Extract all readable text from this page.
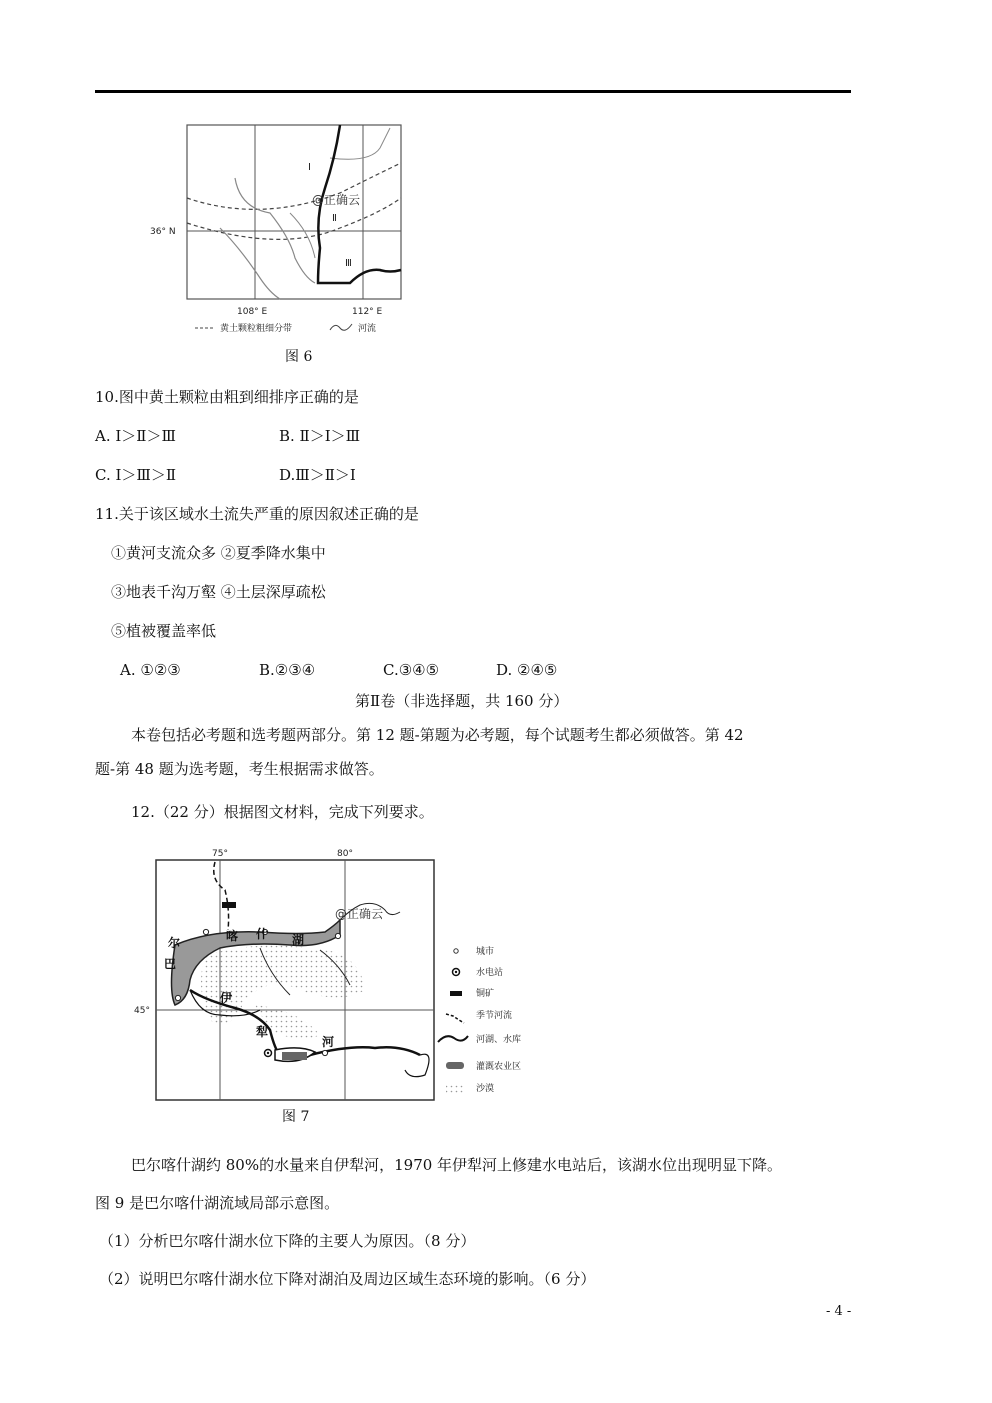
Ⅰ
Ⅱ
Ⅲ
@正确云
36° N
108° E	112° E
黄土颗粒粗细分带	河流
图 6
10.图中黄土颗粒由粗到细排序正确的是
A. Ⅰ＞Ⅱ＞Ⅲ	B. Ⅱ＞Ⅰ＞Ⅲ
C. Ⅰ＞Ⅲ＞Ⅱ	D.Ⅲ＞Ⅱ＞Ⅰ
11.关于该区域水土流失严重的原因叙述正确的是
①黄河支流众多 ②夏季降水集中
③地表千沟万壑 ④土层深厚疏松
⑤植被覆盖率低
A. ①②③	B.②③④	C.③④⑤	D. ②④⑤
第Ⅱ卷（非选择题，共 160 分）
本卷包括必考题和选考题两部分。第 12 题-第题为必考题，每个试题考生都必须做答。第 42
题-第 48 题为选考题，考生根据需求做答。
12.（22 分）根据图文材料，完成下列要求。
75°	80°
45°
@正确云
尔	喀 什 湖
巴
伊
犁
河
城市
水电站
铜矿
季节河流
河湖、水库
灌溉农业区
沙漠
图 7
巴尔喀什湖约 80%的水量来自伊犁河，1970 年伊犁河上修建水电站后，该湖水位出现明显下降。
图 9 是巴尔喀什湖流域局部示意图。
（1）分析巴尔喀什湖水位下降的主要人为原因。（8 分）
（2）说明巴尔喀什湖水位下降对湖泊及周边区域生态环境的影响。（6 分）
- 4 -
